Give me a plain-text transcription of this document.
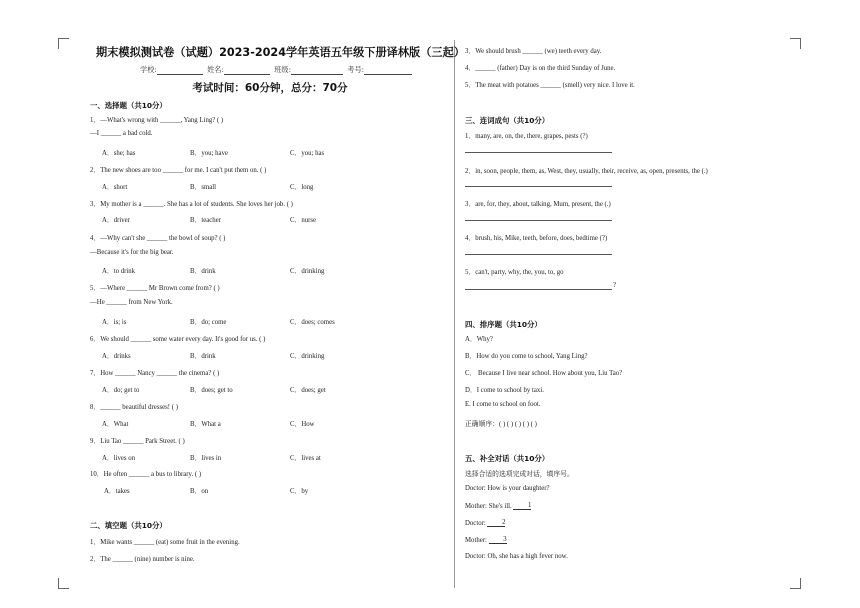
期末模拟测试卷（试题）2023-2024学年英语五年级下册译林版（三起）
学校:	姓名:	班级:	考号:
考试时间：60分钟，总分：70分
一、选择题（共10分）
1．—What's wrong with ______, Yang Ling? ( )
—I ______ a bad cold.
A．she; has	B．you; have	C．you; has
2．The new shoes are too ______ for me. I can't put them on. ( )
A．short	B．small	C．long
3．My mother is a ______. She has a lot of students. She loves her job. ( )
A．driver	B．teacher	C．nurse
4．—Why can't she ______ the bowl of soup? ( )
—Because it's for the big bear.
A．to drink	B．drink	C．drinking
5．—Where ______ Mr Brown come from? ( )
—He ______ from New York.
A．is; is	B．do; come	C．does; comes
6．We should ______ some water every day. It's good for us. ( )
A．drinks	B．drink	C．drinking
7．How ______ Nancy ______ the cinema? ( )
A．do; get to	B．does; get to	C．does; get
8．______ beautiful dresses! ( )
A．What	B．What a	C．How
9．Liu Tao ______ Park Street. ( )
A．lives on	B．lives in	C．lives at
10．He often ______ a bus to library. ( )
A．takes	B．on	C．by
二、填空题（共10分）
1．Mike wants ______ (eat) some fruit in the evening.
2．The ______ (nine) number is nine.
3．We should brush ______ (we) teeth every day.
4．______ (father) Day is on the third Sunday of June.
5．The meat with potatoes ______ (smell) very nice. I love it.
三、连词成句（共10分）
1．many, are, on, the, there, grapes, pests (?)
2．in, soon, people, them, as, West, they, usually, their, receive, as, open, presents, the (.)
3．are, for, they, about, talking, Mum, present, the (.)
4．brush, his, Mike, teeth, before, does, bedtime (?)
5．can't, party, why, the, you, to, go
?
四、排序题（共10分）
A．Why?
B．How do you come to school, Yang Ling?
C． Because I live near school. How about you, Liu Tao?
D．I come to school by taxi.
E. I come to school on foot.
正确顺序：( ) ( ) ( ) ( ) ( )
五、补全对话（共10分）
选择合适的选项完成对话，填序号。
Doctor: How is your daughter?
Mother: She's ill. 1
Doctor: 2
Mother: 3
Doctor: Oh, she has a high fever now.
